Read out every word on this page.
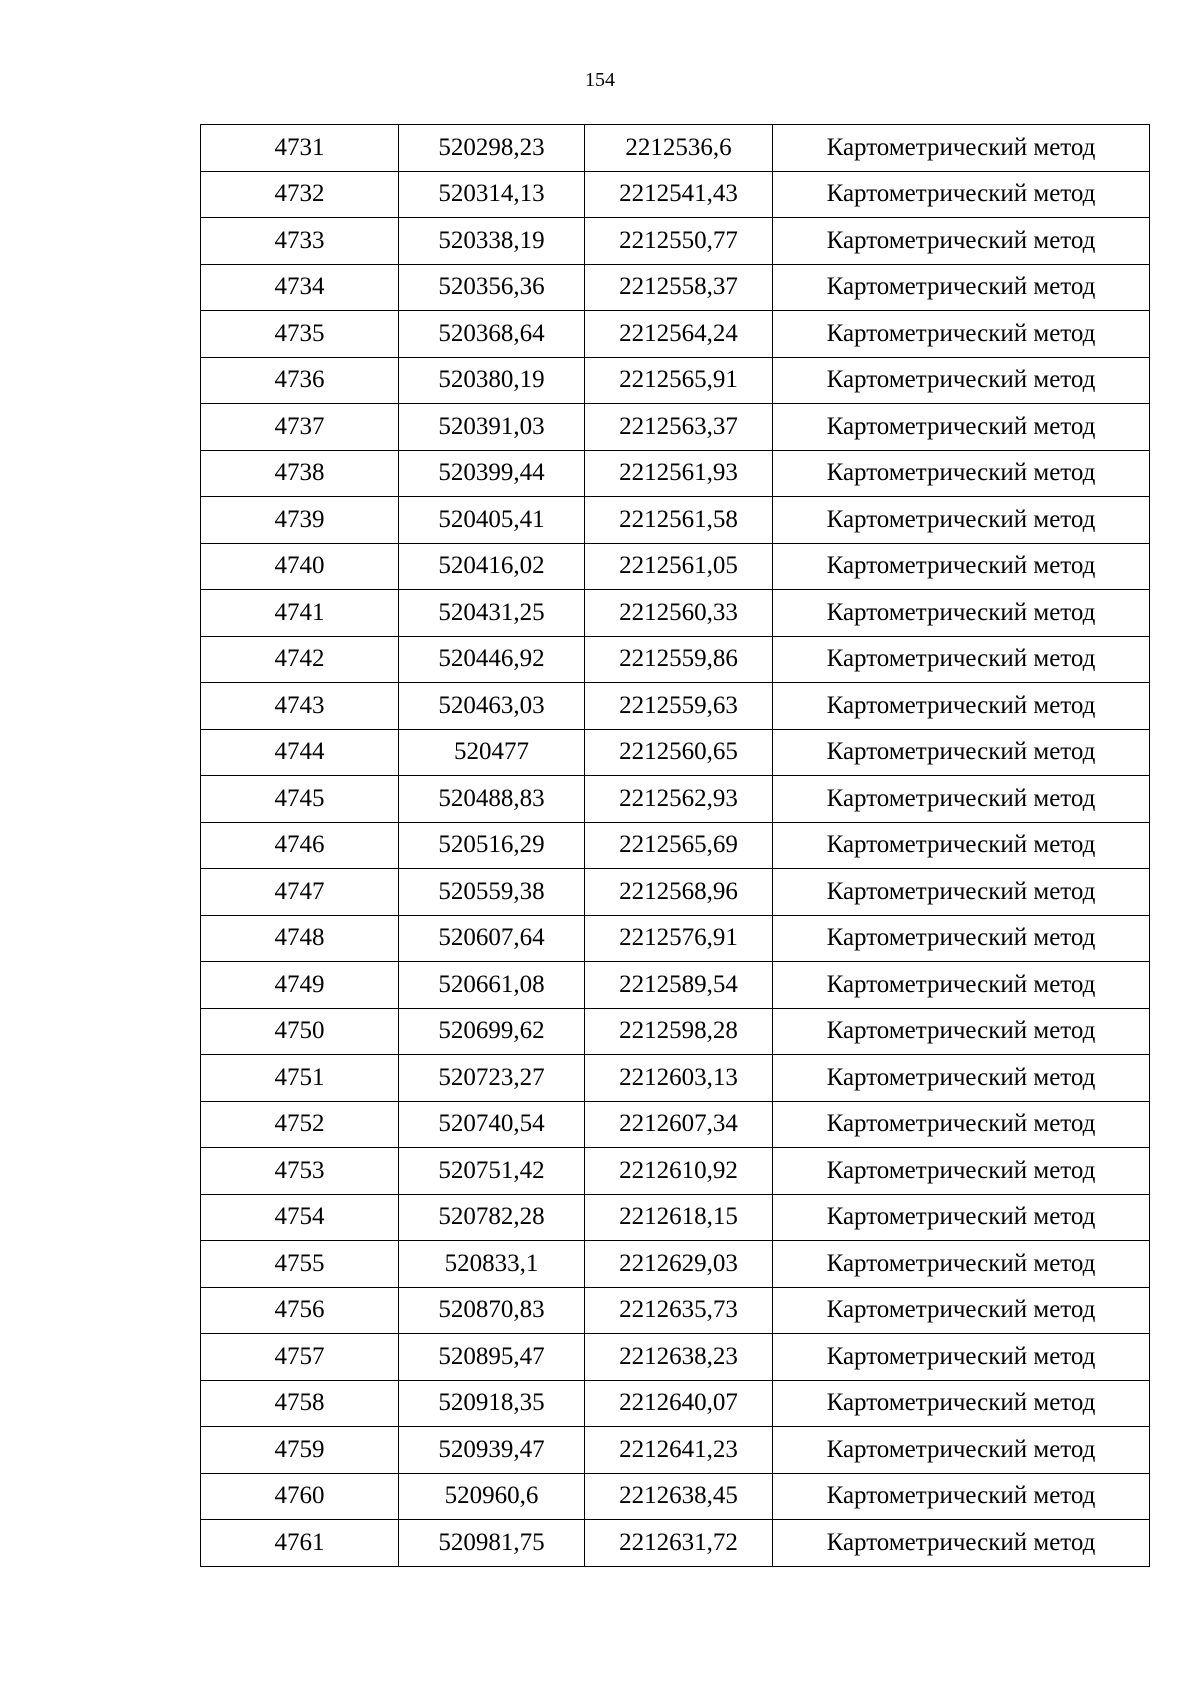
154
4731	520298,23	2212536,6	Картометрический метод
4732	520314,13	2212541,43	Картометрический метод
4733	520338,19	2212550,77	Картометрический метод
4734	520356,36	2212558,37	Картометрический метод
4735	520368,64	2212564,24	Картометрический метод
4736	520380,19	2212565,91	Картометрический метод
4737	520391,03	2212563,37	Картометрический метод
4738	520399,44	2212561,93	Картометрический метод
4739	520405,41	2212561,58	Картометрический метод
4740	520416,02	2212561,05	Картометрический метод
4741	520431,25	2212560,33	Картометрический метод
4742	520446,92	2212559,86	Картометрический метод
4743	520463,03	2212559,63	Картометрический метод
4744	520477	2212560,65	Картометрический метод
4745	520488,83	2212562,93	Картометрический метод
4746	520516,29	2212565,69	Картометрический метод
4747	520559,38	2212568,96	Картометрический метод
4748	520607,64	2212576,91	Картометрический метод
4749	520661,08	2212589,54	Картометрический метод
4750	520699,62	2212598,28	Картометрический метод
4751	520723,27	2212603,13	Картометрический метод
4752	520740,54	2212607,34	Картометрический метод
4753	520751,42	2212610,92	Картометрический метод
4754	520782,28	2212618,15	Картометрический метод
4755	520833,1	2212629,03	Картометрический метод
4756	520870,83	2212635,73	Картометрический метод
4757	520895,47	2212638,23	Картометрический метод
4758	520918,35	2212640,07	Картометрический метод
4759	520939,47	2212641,23	Картометрический метод
4760	520960,6	2212638,45	Картометрический метод
4761	520981,75	2212631,72	Картометрический метод
